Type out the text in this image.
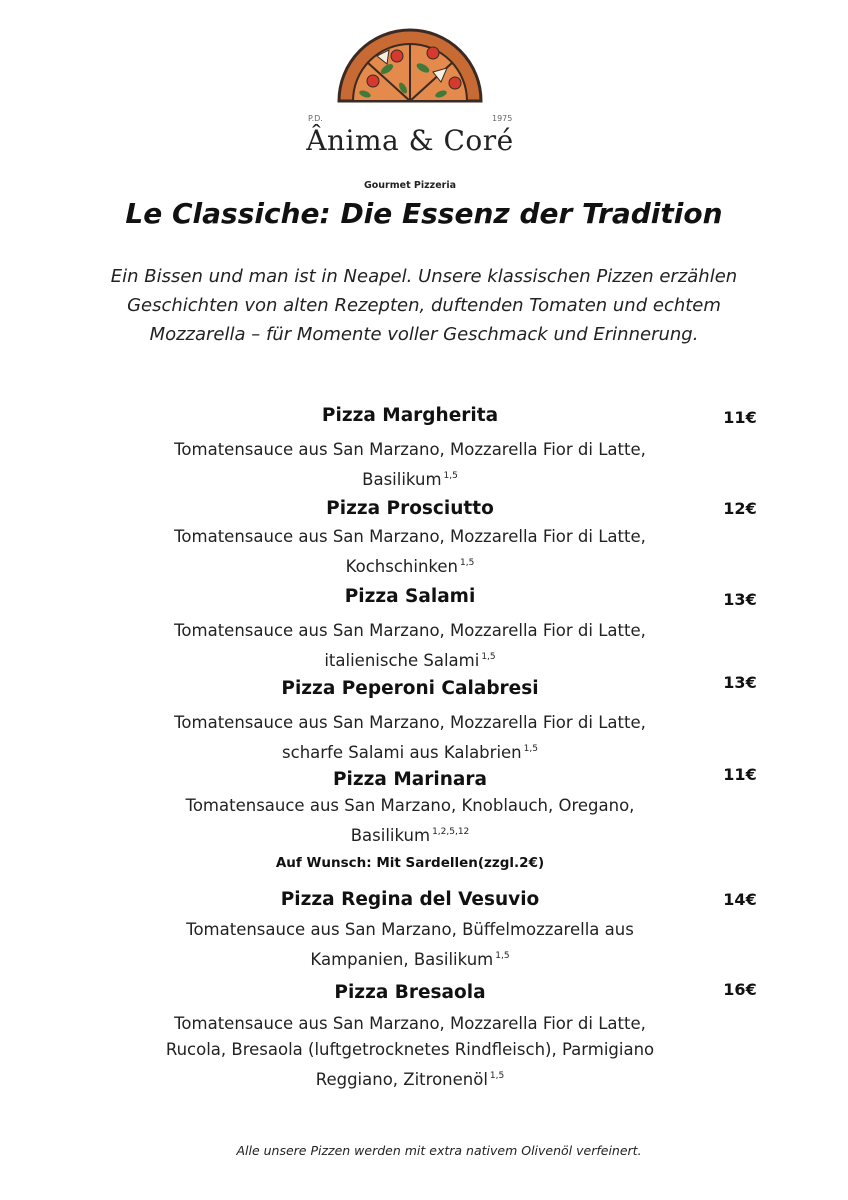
P.D.	1975
Ânima & Coré
Gourmet Pizzeria
Le Classiche: Die Essenz der Tradition
Ein Bissen und man ist in Neapel. Unsere klassischen Pizzen erzählen Geschichten von alten Rezepten, duftenden Tomaten und echtem Mozzarella – für Momente voller Geschmack und Erinnerung.
Pizza Margherita
Tomatensauce aus San Marzano, Mozzarella Fior di Latte, Basilikum $^{1,5}$
11€
Pizza Prosciutto
Tomatensauce aus San Marzano, Mozzarella Fior di Latte, Kochschinken $^{1,5}$
12€
Pizza Salami
Tomatensauce aus San Marzano, Mozzarella Fior di Latte, italienische Salami $^{1,5}$
13€
Pizza Peperoni Calabresi
Tomatensauce aus San Marzano, Mozzarella Fior di Latte, scharfe Salami aus Kalabrien $^{1,5}$
13€
Pizza Marinara
Tomatensauce aus San Marzano, Knoblauch, Oregano, Basilikum $^{1,2,5,12}$
Auf Wunsch: Mit Sardellen(zzgl.2€)
11€
Pizza Regina del Vesuvio
Tomatensauce aus San Marzano, Büffelmozzarella aus Kampanien, Basilikum $^{1,5}$
14€
Pizza Bresaola
Tomatensauce aus San Marzano, Mozzarella Fior di Latte, Rucola, Bresaola (luftgetrocknetes Rindfleisch), Parmigiano Reggiano, Zitronenöl $^{1,5}$
16€
Alle unsere Pizzen werden mit extra nativem Olivenöl verfeinert.
